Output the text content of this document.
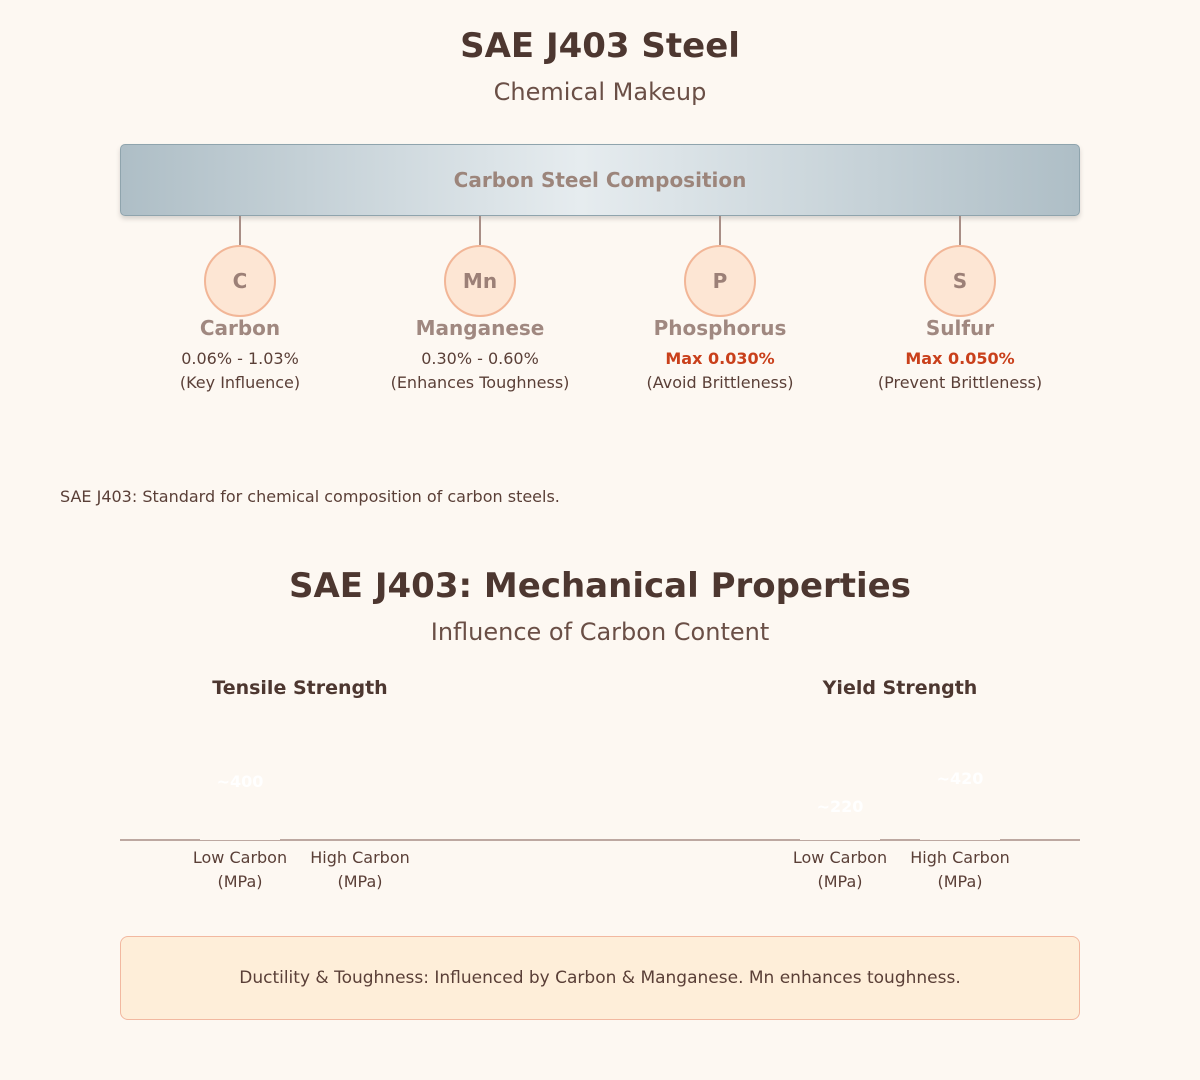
SAE J403 Steel
Chemical Makeup
Carbon Steel Composition
C
Carbon
0.06% - 1.03%
(Key Influence)
Mn
Manganese
0.30% - 0.60%
(Enhances Toughness)
P
Phosphorus
Max 0.030%
(Avoid Brittleness)
S
Sulfur
Max 0.050%
(Prevent Brittleness)
SAE J403: Standard for chemical composition of carbon steels.
SAE J403: Mechanical Properties
Influence of Carbon Content
Tensile Strength	Yield Strength
~400
~220
~420
Low Carbon
(MPa)
High Carbon
(MPa)
Low Carbon
(MPa)
High Carbon
(MPa)
Ductility & Toughness: Influenced by Carbon & Manganese. Mn enhances toughness.
